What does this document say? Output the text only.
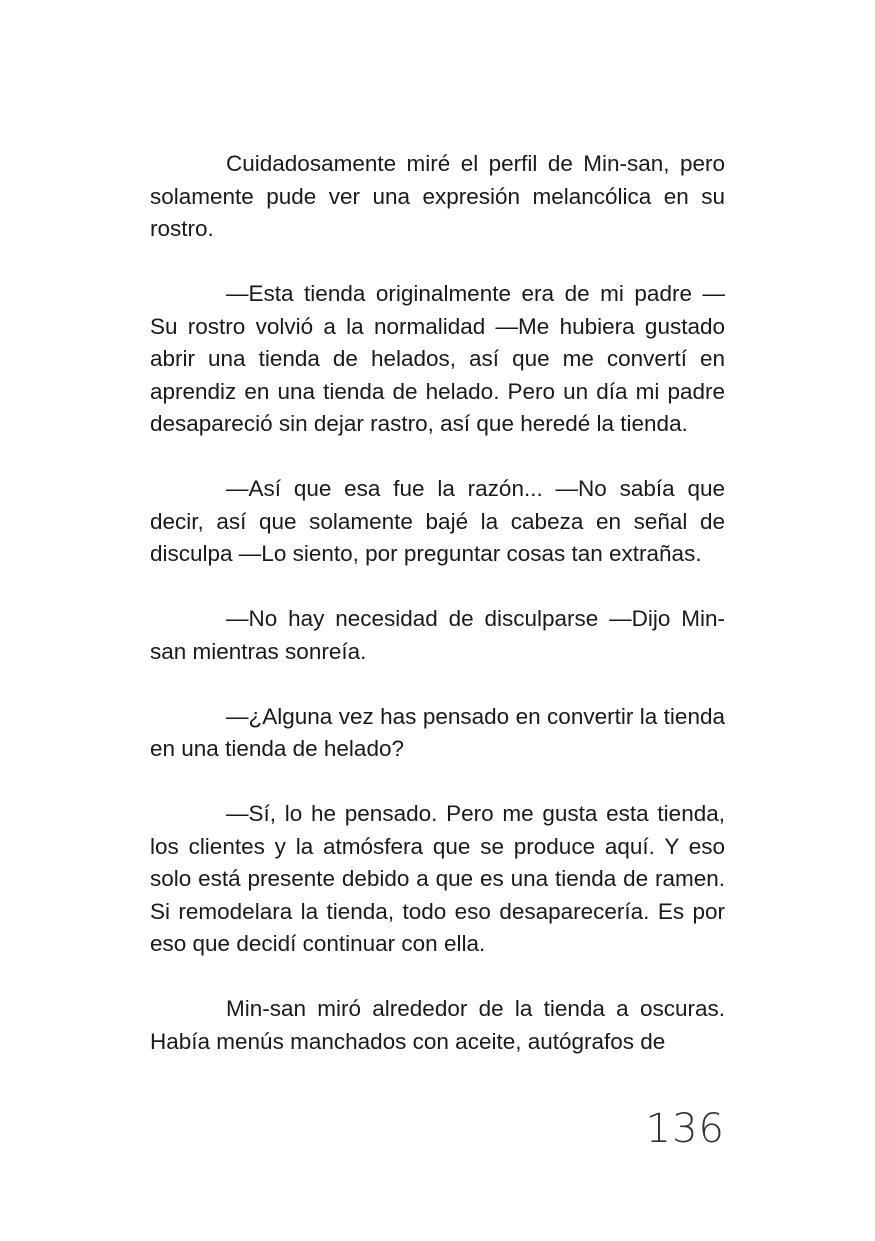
Cuidadosamente miré el perfil de Min-san, pero solamente pude ver una expresión melancólica en su rostro.

—Esta tienda originalmente era de mi padre — Su rostro volvió a la normalidad —Me hubiera gustado abrir una tienda de helados, así que me convertí en aprendiz en una tienda de helado. Pero un día mi padre desapareció sin dejar rastro, así que heredé la tienda.

—Así que esa fue la razón... —No sabía que decir, así que solamente bajé la cabeza en señal de disculpa —Lo siento, por preguntar cosas tan extrañas.

—No hay necesidad de disculparse —Dijo Min-san mientras sonreía.

—¿Alguna vez has pensado en convertir la tienda en una tienda de helado?

—Sí, lo he pensado. Pero me gusta esta tienda, los clientes y la atmósfera que se produce aquí. Y eso solo está presente debido a que es una tienda de ramen. Si remodelara la tienda, todo eso desaparecería. Es por eso que decidí continuar con ella.

Min-san miró alrededor de la tienda a oscuras. Había menús manchados con aceite, autógrafos de

136
